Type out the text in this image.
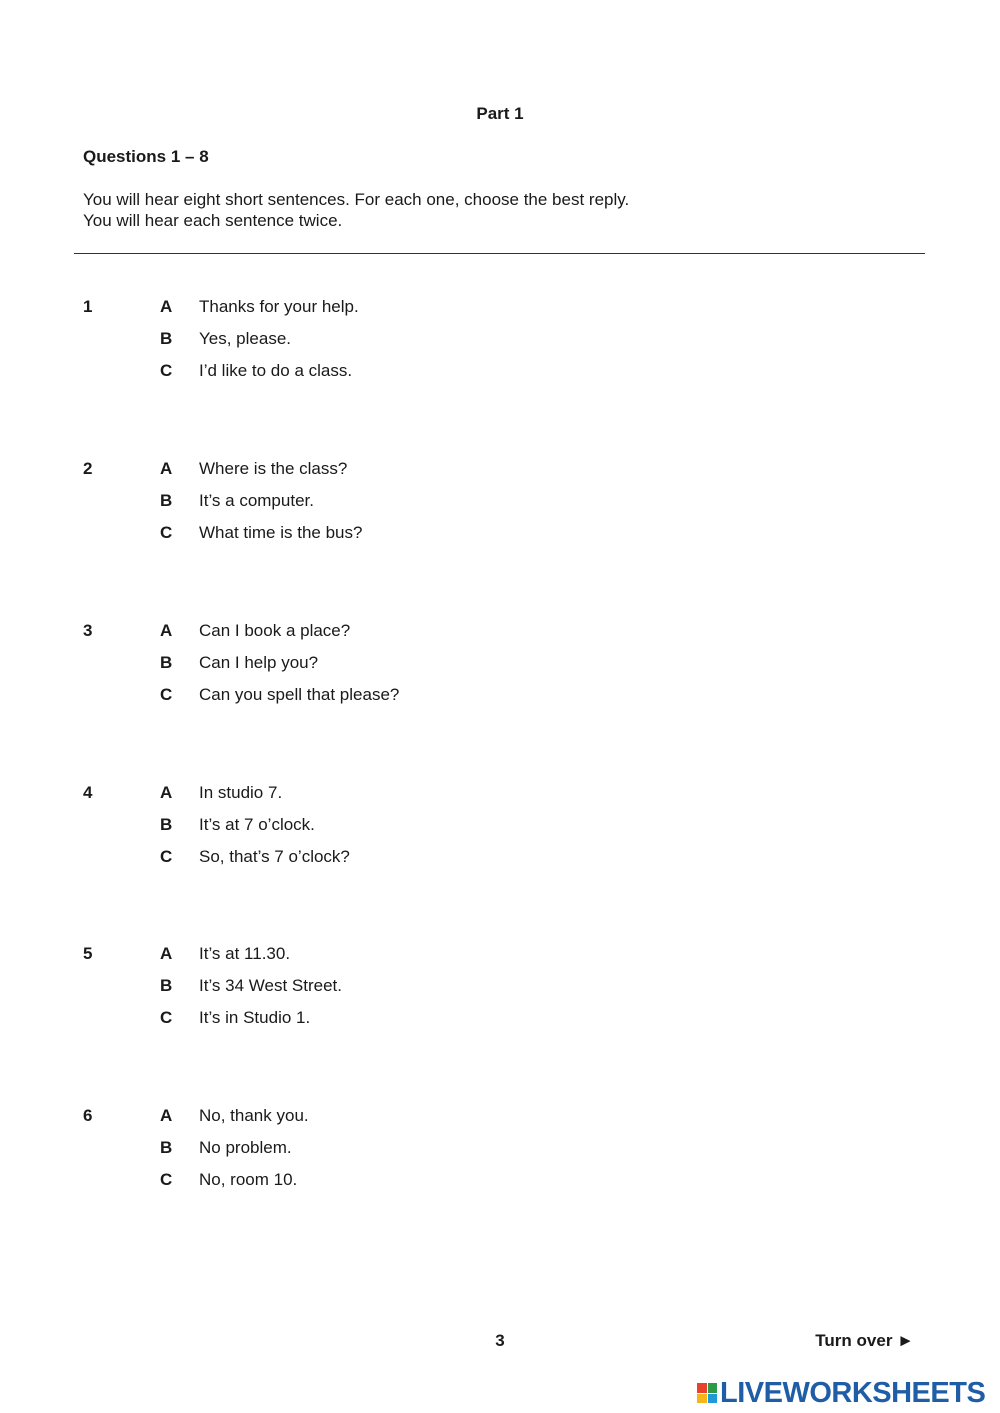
Part 1
Questions 1 – 8
You will hear eight short sentences. For each one, choose the best reply.
You will hear each sentence twice.
1	A Thanks for your help.
B Yes, please.
C I’d like to do a class.
2	A Where is the class?
B It’s a computer.
C What time is the bus?
3	A Can I book a place?
B Can I help you?
C Can you spell that please?
4	A In studio 7.
B It’s at 7 o’clock.
C So, that’s 7 o’clock?
5	A It’s at 11.30.
B It’s 34 West Street.
C It’s in Studio 1.
6	A No, thank you.
B No problem.
C No, room 10.
3	Turn over ►
LIVEWORKSHEETS
